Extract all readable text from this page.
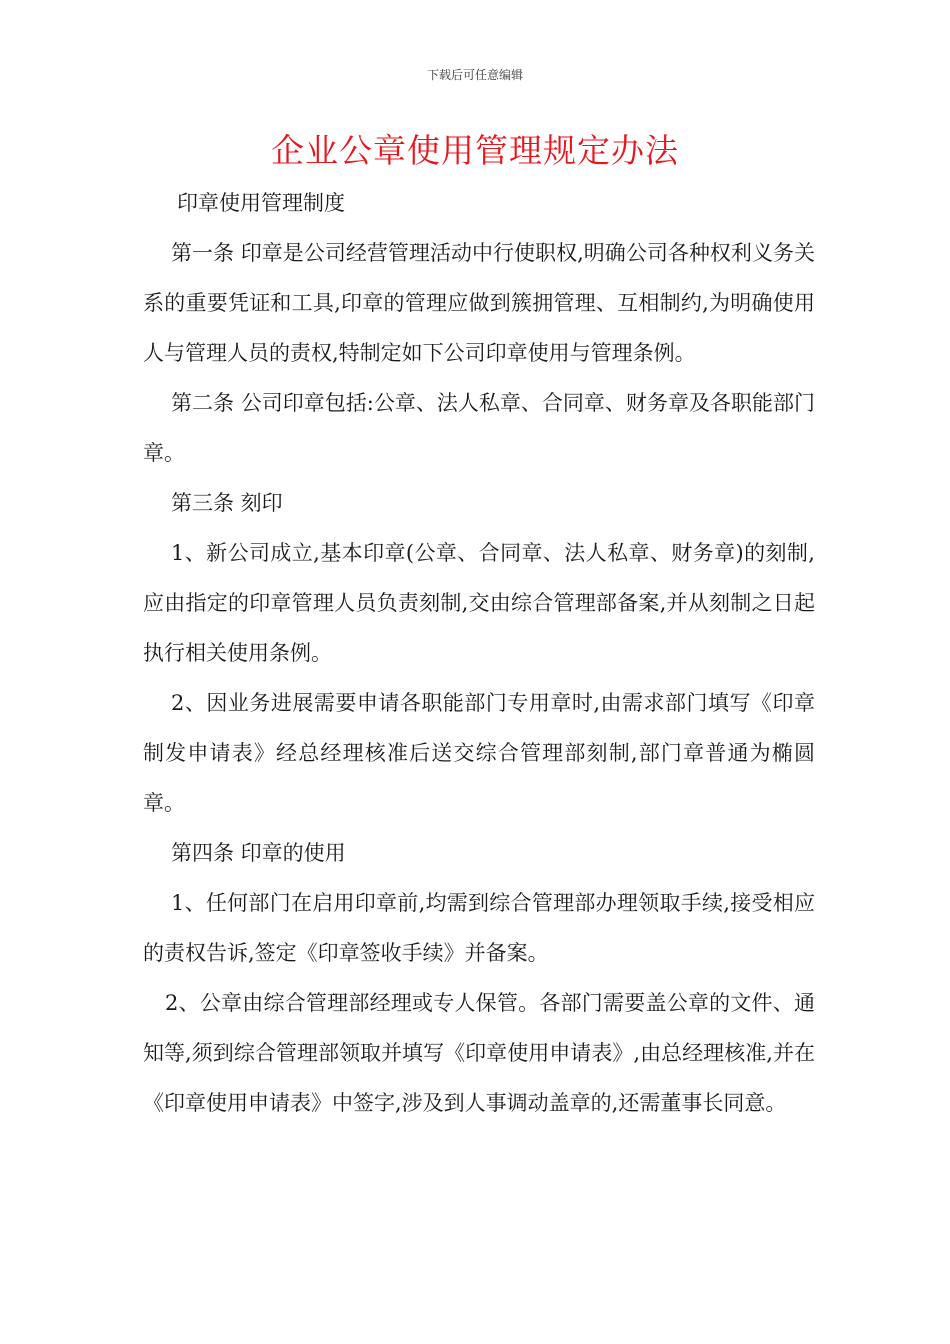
下载后可任意编辑
企业公章使用管理规定办法

印章使用管理制度

第一条 印章是公司经营管理活动中行使职权,明确公司各种权利义务关系的重要凭证和工具,印章的管理应做到簇拥管理、互相制约,为明确使用人与管理人员的责权,特制定如下公司印章使用与管理条例。

第二条 公司印章包括:公章、法人私章、合同章、财务章及各职能部门章。

第三条 刻印

1、新公司成立,基本印章(公章、合同章、法人私章、财务章)的刻制,应由指定的印章管理人员负责刻制,交由综合管理部备案,并从刻制之日起执行相关使用条例。

2、因业务进展需要申请各职能部门专用章时,由需求部门填写《印章制发申请表》经总经理核准后送交综合管理部刻制,部门章普通为椭圆章。

第四条 印章的使用

1、任何部门在启用印章前,均需到综合管理部办理领取手续,接受相应的责权告诉,签定《印章签收手续》并备案。

2、公章由综合管理部经理或专人保管。各部门需要盖公章的文件、通知等,须到综合管理部领取并填写《印章使用申请表》,由总经理核准,并在《印章使用申请表》中签字,涉及到人事调动盖章的,还需董事长同意。
